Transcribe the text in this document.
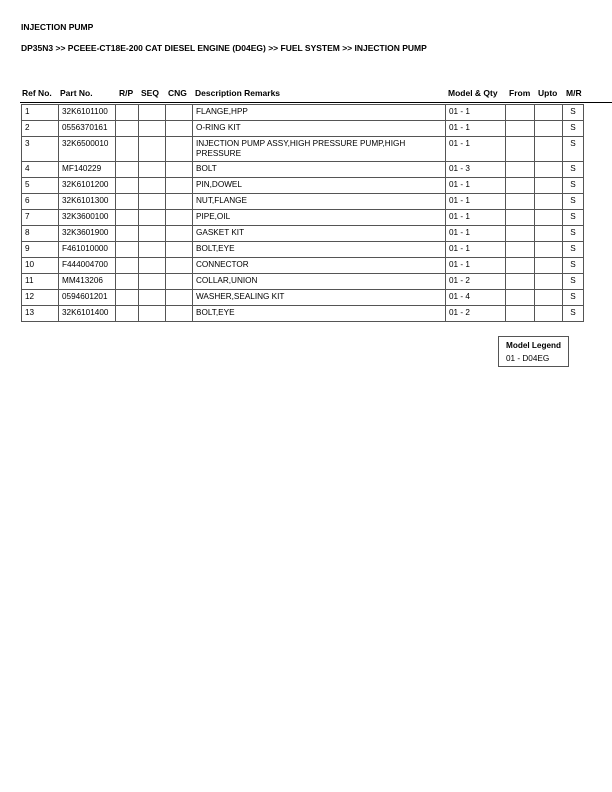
INJECTION PUMP
DP35N3 >> PCEEE-CT18E-200 CAT DIESEL ENGINE (D04EG) >> FUEL SYSTEM >> INJECTION PUMP
Ref No. Part No.	R/P SEQ CNG Description Remarks	Model & Qty From Upto M/R
1	32K6101100				FLANGE,HPP	01 - 1			S
2	0556370161				O-RING KIT	01 - 1			S
3	32K6500010				INJECTION PUMP ASSY,HIGH PRESSURE PUMP,HIGH PRESSURE	01 - 1			S
4	MF140229				BOLT	01 - 3			S
5	32K6101200				PIN,DOWEL	01 - 1			S
6	32K6101300				NUT,FLANGE	01 - 1			S
7	32K3600100				PIPE,OIL	01 - 1			S
8	32K3601900				GASKET KIT	01 - 1			S
9	F461010000				BOLT,EYE	01 - 1			S
10	F444004700				CONNECTOR	01 - 1			S
11	MM413206				COLLAR,UNION	01 - 2			S
12	0594601201				WASHER,SEALING KIT	01 - 4			S
13	32K6101400				BOLT,EYE	01 - 2			S
Model Legend
01 - D04EG
